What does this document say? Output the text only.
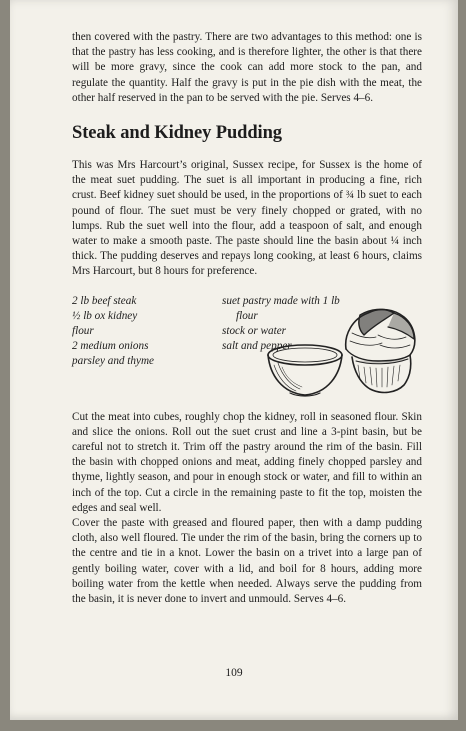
then covered with the pastry. There are two advantages to this method: one is that the pastry has less cooking, and is therefore lighter, the other is that there will be more gravy, since the cook can add more stock to the pan, and regulate the quantity. Half the gravy is put in the pie dish with the meat, the other half reserved in the pan to be served with the pie. Serves 4–6.

Steak and Kidney Pudding

This was Mrs Harcourt’s original, Sussex recipe, for Sussex is the home of the meat suet pudding. The suet is all important in producing a fine, rich crust. Beef kidney suet should be used, in the proportions of ¾ lb suet to each pound of flour. The suet must be very finely chopped or grated, with no lumps. Rub the suet well into the flour, add a teaspoon of salt, and enough water to make a smooth paste. The paste should line the basin about ¼ inch thick. The pudding deserves and repays long cooking, at least 6 hours, claims Mrs Harcourt, but 8 hours for preference.

2 lb beef steak
½ lb ox kidney
flour
2 medium onions
parsley and thyme
suet pastry made with 1 lb
flour
stock or water
salt and pepper

Cut the meat into cubes, roughly chop the kidney, roll in seasoned flour. Skin and slice the onions. Roll out the suet crust and line a 3-pint basin, but be careful not to stretch it. Trim off the pastry around the rim of the basin. Fill the basin with chopped onions and meat, adding finely chopped parsley and thyme, lightly season, and pour in enough stock or water, and fill to within an inch of the top. Cut a circle in the remaining paste to fit the top, moisten the edges and seal well.

Cover the paste with greased and floured paper, then with a damp pudding cloth, also well floured. Tie under the rim of the basin, bring the corners up to the centre and tie in a knot. Lower the basin on a trivet into a large pan of gently boiling water, cover with a lid, and boil for 8 hours, adding more boiling water from the kettle when needed. Always serve the pudding from the basin, it is never done to invert and unmould. Serves 4–6.

109
